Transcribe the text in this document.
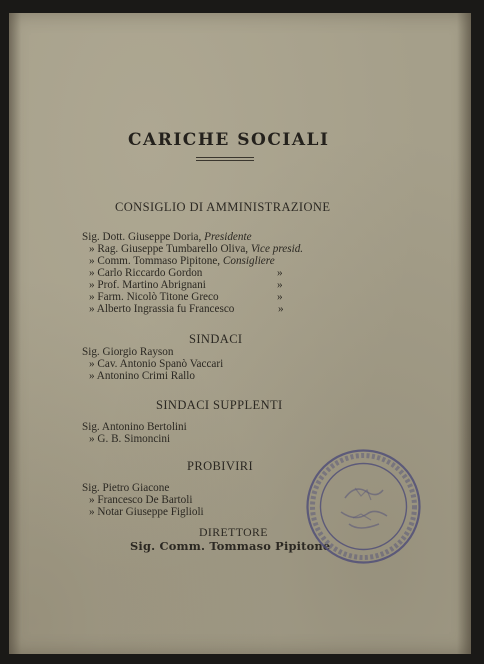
CARICHE SOCIALI
CONSIGLIO DI AMMINISTRAZIONE
Sig. Dott. Giuseppe Doria, Presidente
» Rag. Giuseppe Tumbarello Oliva, Vice presid.
» Comm. Tommaso Pipitone, Consigliere
» Carlo Riccardo Gordon	»
» Prof. Martino Abrignani	»
» Farm. Nicolò Titone Greco	»
» Alberto Ingrassia fu Francesco	»
SINDACI
Sig. Giorgio Rayson
» Cav. Antonio Spanò Vaccari
» Antonino Crimi Rallo
SINDACI SUPPLENTI
Sig. Antonino Bertolini
» G. B. Simoncini
PROBIVIRI
Sig. Pietro Giacone
» Francesco De Bartoli
» Notar Giuseppe Figlioli
DIRETTORE
Sig. Comm. Tommaso Pipitone
